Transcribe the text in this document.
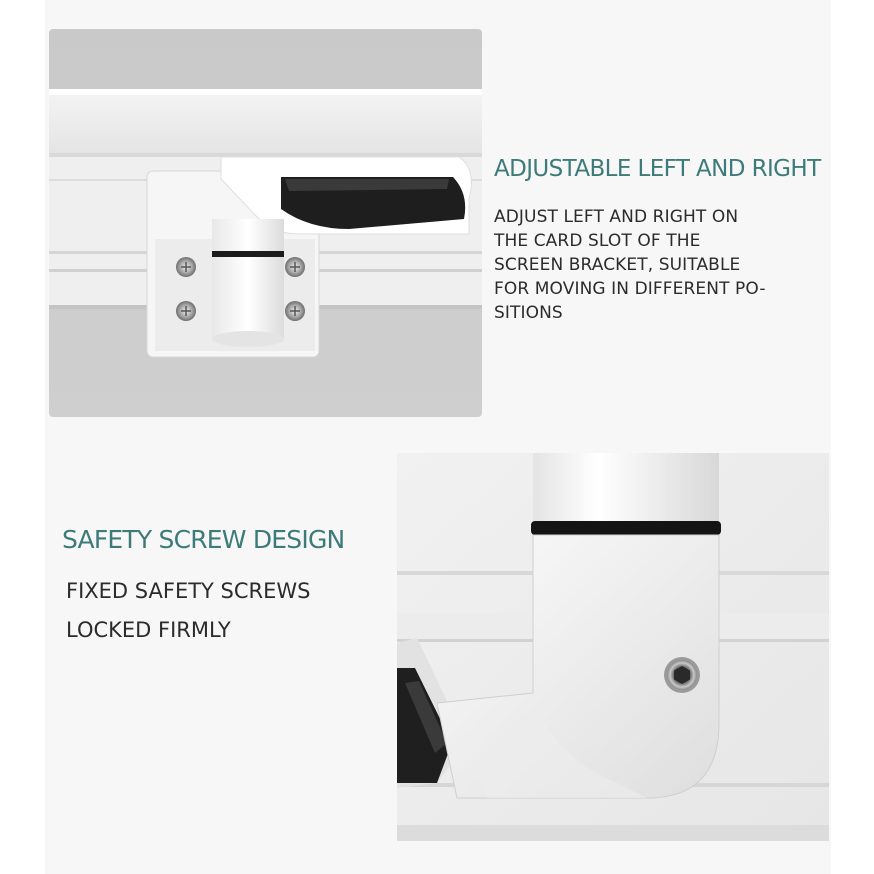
ADJUSTABLE LEFT AND RIGHT
ADJUST LEFT AND RIGHT ON
THE CARD SLOT OF THE
SCREEN BRACKET, SUITABLE
FOR MOVING IN DIFFERENT PO-
SITIONS
SAFETY SCREW DESIGN
FIXED SAFETY SCREWS
LOCKED FIRMLY
